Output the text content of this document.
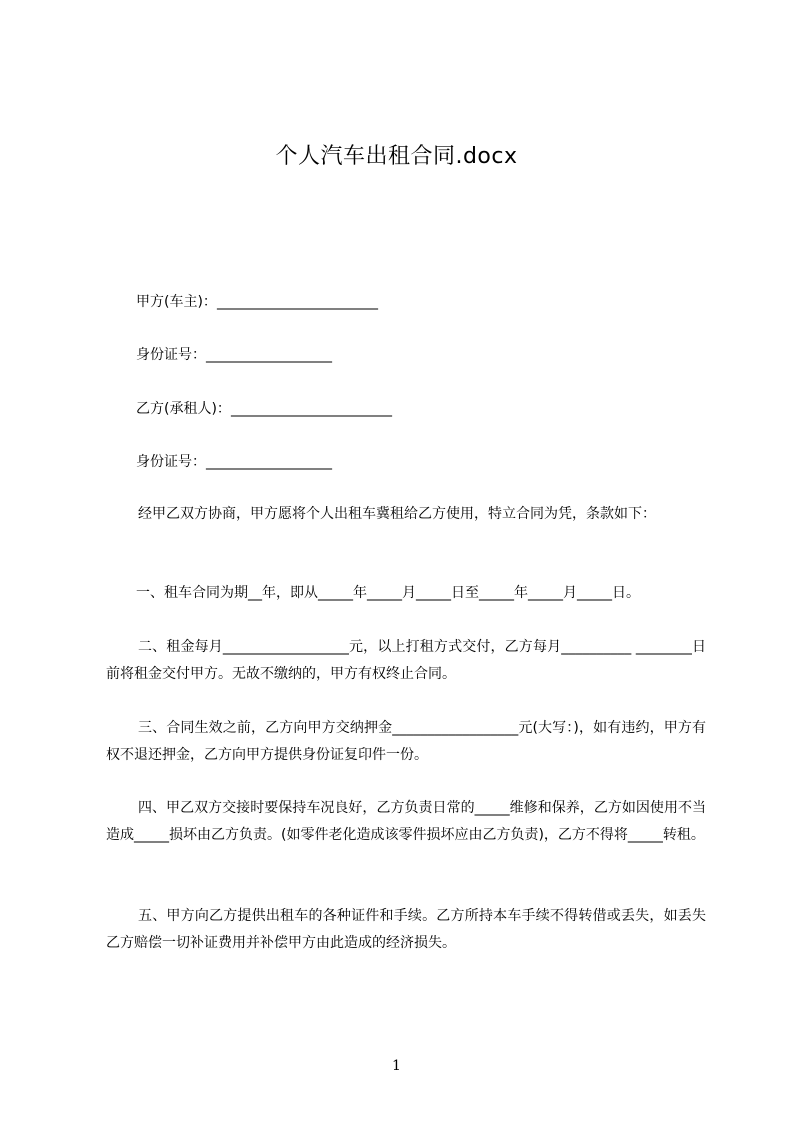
个人汽车出租合同.docx
甲方(车主)：_______________________
身份证号：__________________
乙方(承租人)：_______________________
身份证号：__________________
经甲乙双方协商，甲方愿将个人出租车冀租给乙方使用，特立合同为凭，条款如下：
一、租车合同为期__年，即从_____年_____月_____日至_____年_____月_____日。
二、租金每月__________________元，以上打租方式交付，乙方每月__________ ________日前将租金交付甲方。无故不缴纳的，甲方有权终止合同。
三、合同生效之前，乙方向甲方交纳押金__________________元(大写：)，如有违约，甲方有权不退还押金，乙方向甲方提供身份证复印件一份。
四、甲乙双方交接时要保持车况良好，乙方负责日常的_____维修和保养，乙方如因使用不当造成_____损坏由乙方负责。(如零件老化造成该零件损坏应由乙方负责)，乙方不得将_____转租。
五、甲方向乙方提供出租车的各种证件和手续。乙方所持本车手续不得转借或丢失，如丢失乙方赔偿一切补证费用并补偿甲方由此造成的经济损失。
1
